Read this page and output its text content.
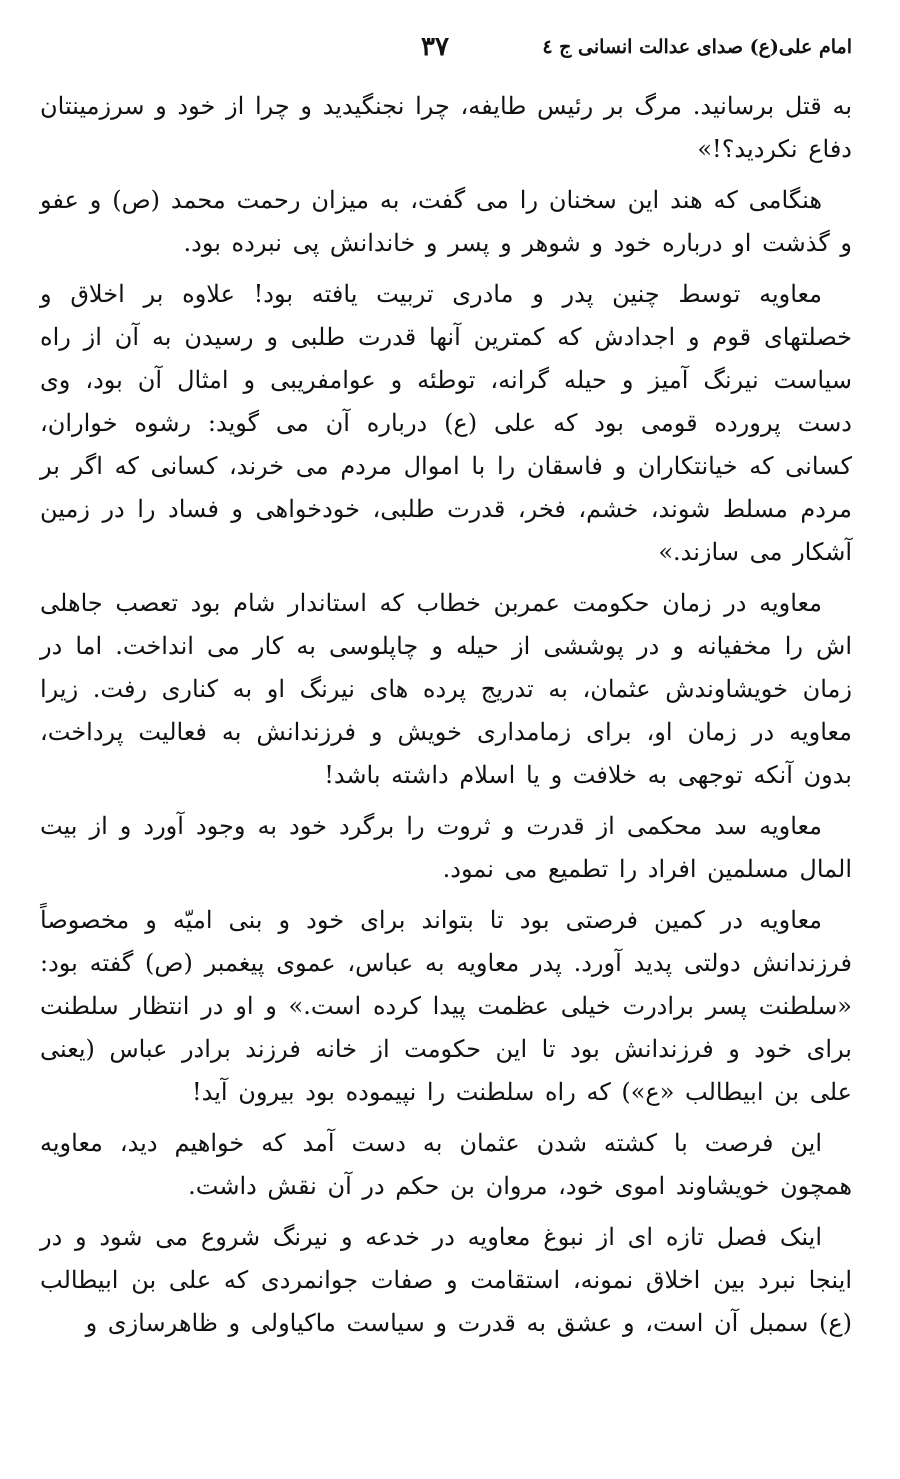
امام علی(ع) صدای عدالت انسانی ج ٤
٣٧

به قتل برسانید. مرگ بر رئیس طایفه، چرا نجنگیدید و چرا از خود و سرزمینتان دفاع نکردید؟!»

هنگامی که هند این سخنان را می گفت، به میزان رحمت محمد (ص) و عفو و گذشت او درباره خود و شوهر و پسر و خاندانش پی نبرده بود.

معاویه توسط چنین پدر و مادری تربیت یافته بود! علاوه بر اخلاق و خصلتهای قوم و اجدادش که کمترین آنها قدرت طلبی و رسیدن به آن از راه سیاست نیرنگ آمیز و حیله گرانه، توطئه و عوامفریبی و امثال آن بود، وی دست پرورده قومی بود که علی (ع) درباره آن می گوید: رشوه خواران، کسانی که خیانتکاران و فاسقان را با اموال مردم می خرند، کسانی که اگر بر مردم مسلط شوند، خشم، فخر، قدرت طلبی، خودخواهی و فساد را در زمین آشکار می سازند.»

معاویه در زمان حکومت عمربن خطاب که استاندار شام بود تعصب جاهلی اش را مخفیانه و در پوششی از حیله و چاپلوسی به کار می انداخت. اما در زمان خویشاوندش عثمان، به تدریج پرده های نیرنگ او به کناری رفت. زیرا معاویه در زمان او، برای زمامداری خویش و فرزندانش به فعالیت پرداخت، بدون آنکه توجهی به خلافت و یا اسلام داشته باشد!

معاویه سد محکمی از قدرت و ثروت را برگرد خود به وجود آورد و از بیت المال مسلمین افراد را تطمیع می نمود.

معاویه در کمین فرصتی بود تا بتواند برای خود و بنی امیّه و مخصوصاً فرزندانش دولتی پدید آورد. پدر معاویه به عباس، عموی پیغمبر (ص) گفته بود: «سلطنت پسر برادرت خیلی عظمت پیدا کرده است.» و او در انتظار سلطنت برای خود و فرزندانش بود تا این حکومت از خانه فرزند برادر عباس (یعنی علی بن ابیطالب «ع») که راه سلطنت را نپیموده بود بیرون آید!

این فرصت با کشته شدن عثمان به دست آمد که خواهیم دید، معاویه همچون خویشاوند اموی خود، مروان بن حکم در آن نقش داشت.

اینک فصل تازه ای از نبوغ معاویه در خدعه و نیرنگ شروع می شود و در اینجا نبرد بین اخلاق نمونه، استقامت و صفات جوانمردی که علی بن ابیطالب (ع) سمبل آن است، و عشق به قدرت و سیاست ماکیاولی و ظاهرسازی و
